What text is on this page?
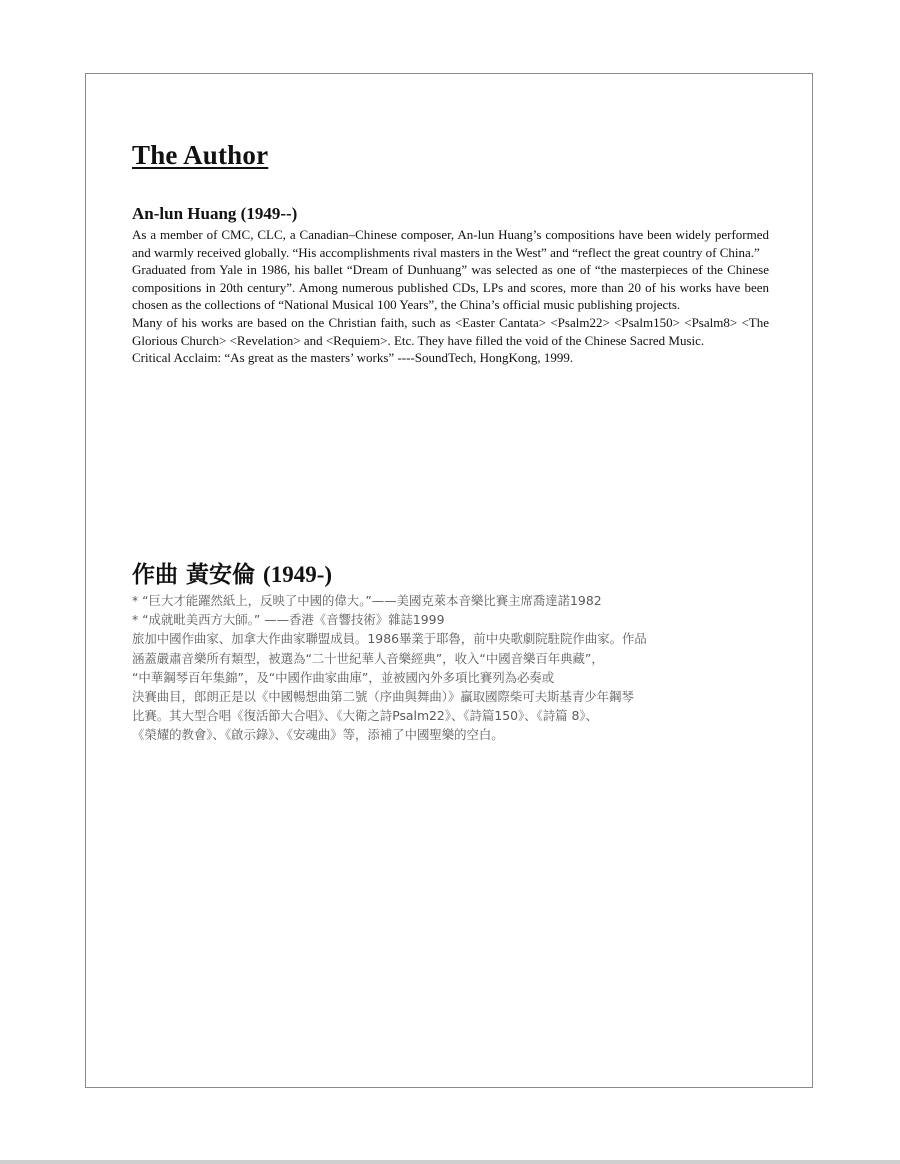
The Author
An-lun Huang (1949--)

As a member of CMC, CLC, a Canadian–Chinese composer, An-lun Huang’s compositions have been widely performed and warmly received globally. “His accomplishments rival masters in the West” and “reflect the great country of China.”

Graduated from Yale in 1986, his ballet “Dream of Dunhuang” was selected as one of “the masterpieces of the Chinese compositions in 20th century”. Among numerous published CDs, LPs and scores, more than 20 of his works have been chosen as the collections of “National Musical 100 Years”, the China’s official music publishing projects.

Many of his works are based on the Christian faith, such as <Easter Cantata> <Psalm22> <Psalm150> <Psalm8> <The Glorious Church> <Revelation> and <Requiem>. Etc. They have filled the void of the Chinese Sacred Music.

Critical Acclaim: “As great as the masters’ works” ----SoundTech, HongKong, 1999.

作曲 黃安倫 (1949-)

* “巨大才能躍然紙上，反映了中國的偉大。”——美國克萊本音樂比賽主席喬達諾1982

* “成就毗美西方大師。” ——香港《音響技術》雜誌1999

旅加中國作曲家、加拿大作曲家聯盟成員。1986畢業于耶魯，前中央歌劇院駐院作曲家。作品

涵蓋嚴肅音樂所有類型，被選為“二十世紀華人音樂經典”，收入“中國音樂百年典藏”，

“中華鋼琴百年集錦”，及“中國作曲家曲庫”，並被國內外多項比賽列為必奏或

決賽曲目，郎朗正是以《中國暢想曲第二號（序曲與舞曲）》贏取國際柴可夫斯基青少年鋼琴

比賽。其大型合唱《復活節大合唱》、《大衛之詩Psalm22》、《詩篇150》、《詩篇 8》、

《榮耀的教會》、《啟示錄》、《安魂曲》等，添補了中國聖樂的空白。
